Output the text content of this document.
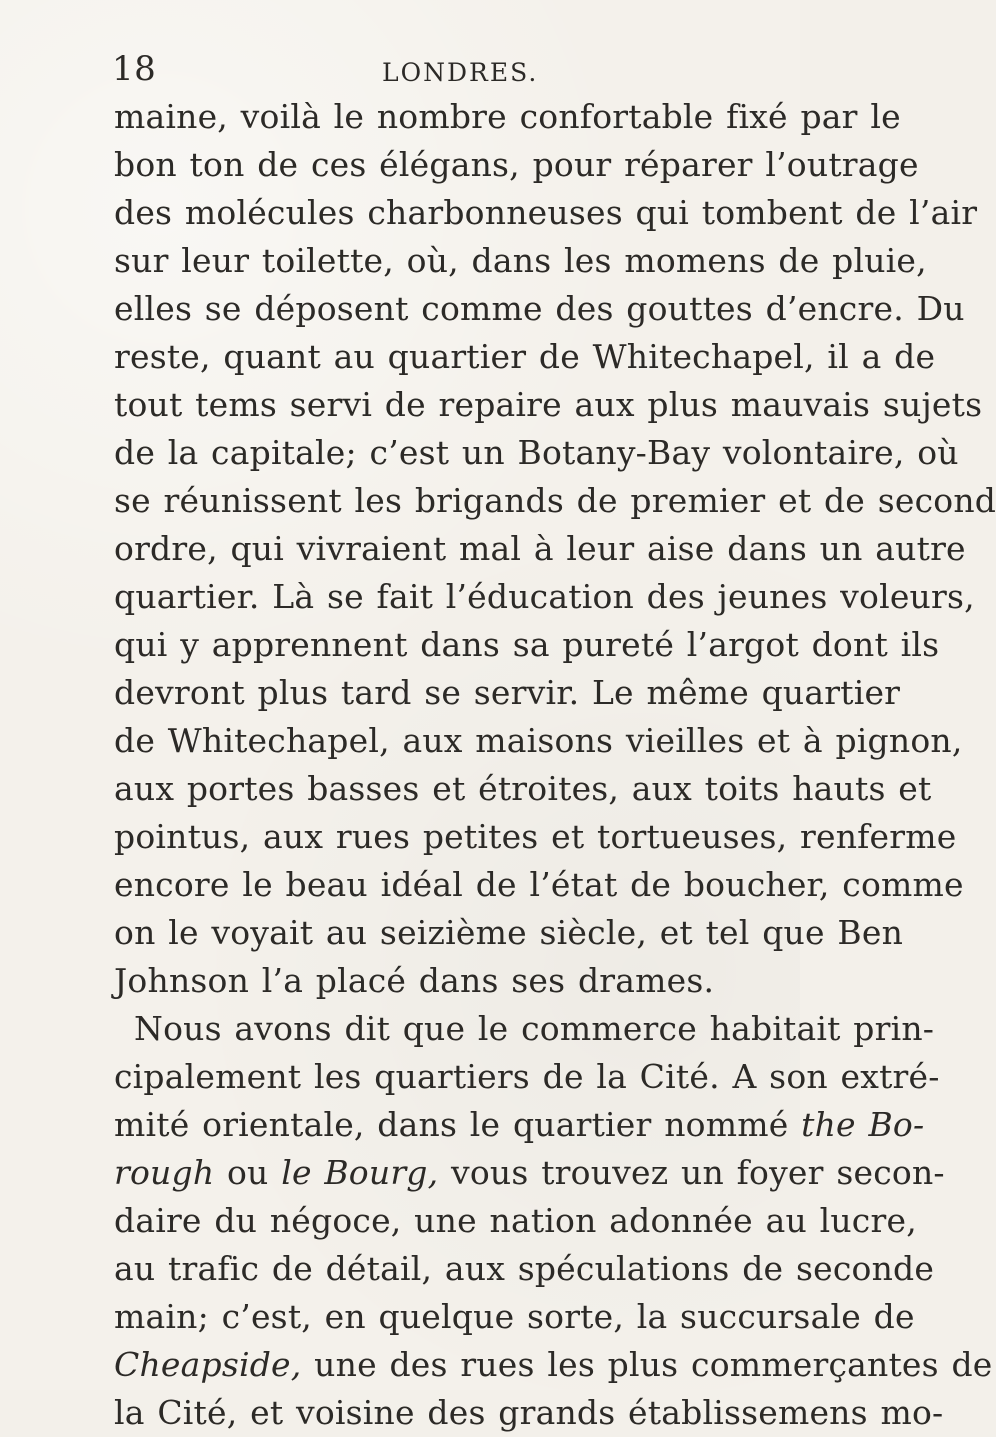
18	LONDRES.
maine, voilà le nombre confortable fixé par le
bon ton de ces élégans, pour réparer l’outrage
des molécules charbonneuses qui tombent de l’air
sur leur toilette, où, dans les momens de pluie,
elles se déposent comme des gouttes d’encre. Du
reste, quant au quartier de Whitechapel, il a de
tout tems servi de repaire aux plus mauvais sujets
de la capitale; c’est un Botany-Bay volontaire, où
se réunissent les brigands de premier et de second
ordre, qui vivraient mal à leur aise dans un autre
quartier. Là se fait l’éducation des jeunes voleurs,
qui y apprennent dans sa pureté l’argot dont ils
devront plus tard se servir. Le même quartier
de Whitechapel, aux maisons vieilles et à pignon,
aux portes basses et étroites, aux toits hauts et
pointus, aux rues petites et tortueuses, renferme
encore le beau idéal de l’état de boucher, comme
on le voyait au seizième siècle, et tel que Ben
Johnson l’a placé dans ses drames.
Nous avons dit que le commerce habitait prin-
cipalement les quartiers de la Cité. A son extré-
mité orientale, dans le quartier nommé the Bo-
rough ou le Bourg, vous trouvez un foyer secon-
daire du négoce, une nation adonnée au lucre,
au trafic de détail, aux spéculations de seconde
main; c’est, en quelque sorte, la succursale de
Cheapside, une des rues les plus commerçantes de
la Cité, et voisine des grands établissemens mo-
